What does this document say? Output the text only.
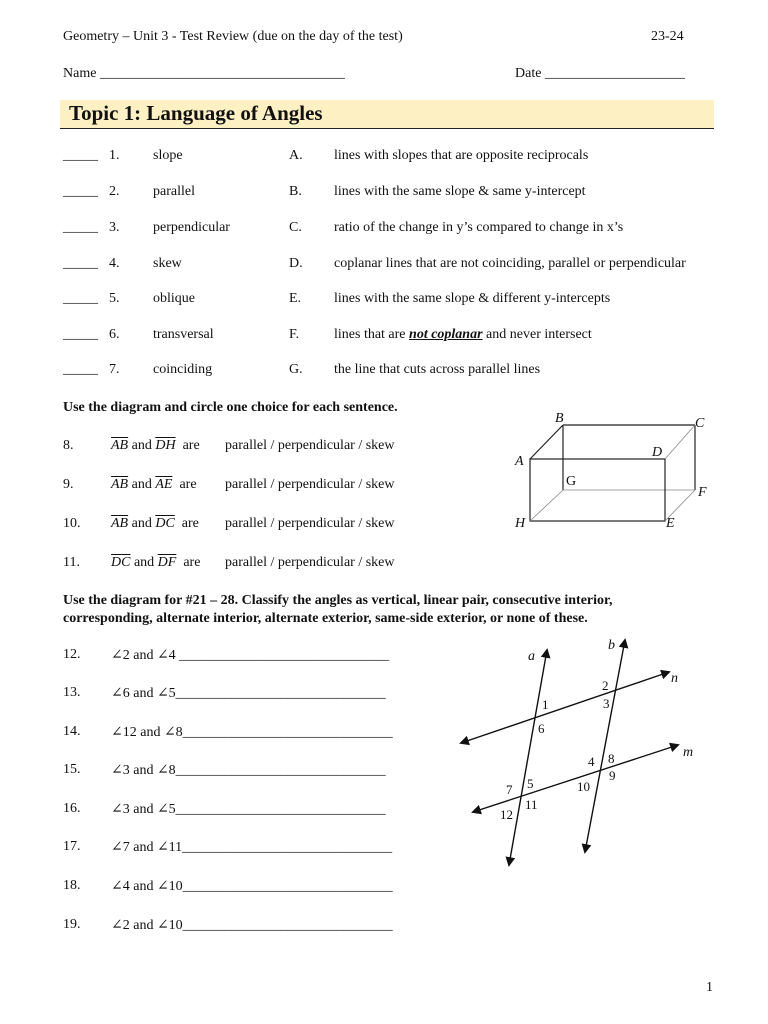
Geometry – Unit 3 - Test Review (due on the day of the test)	23-24
Name ___________________________________	Date ____________________
Topic 1: Language of Angles
_____ 1. slope	A. lines with slopes that are opposite reciprocals
_____ 2. parallel	B. lines with the same slope & same y-intercept
_____ 3. perpendicular	C. ratio of the change in y’s compared to change in x’s
_____ 4. skew	D. coplanar lines that are not coinciding, parallel or perpendicular
_____ 5. oblique	E. lines with the same slope & different y-intercepts
_____ 6. transversal	F. lines that are not coplanar and never intersect
_____ 7. coinciding	G. the line that cuts across parallel lines
Use the diagram and circle one choice for each sentence.
8.	$\overline{AB}$ and $\overline{DH}$ are parallel / perpendicular / skew
9.	$\overline{AB}$ and $\overline{AE}$ are parallel / perpendicular / skew
10. $\overline{AB}$ and $\overline{DC}$ are parallel / perpendicular / skew
11. $\overline{DC}$ and $\overline{DF}$ are parallel / perpendicular / skew
B	C
A
D
G
F
H	E
Use the diagram for #21 – 28. Classify the angles as vertical, linear pair, consecutive interior,
corresponding, alternate interior, alternate exterior, same-side exterior, or none of these.
12. ∠2 and ∠4 ______________________________
13. ∠6 and ∠5______________________________
14. ∠12 and ∠8______________________________
15. ∠3 and ∠8______________________________
16. ∠3 and ∠5______________________________
17. ∠7 and ∠11______________________________
18. ∠4 and ∠10______________________________
19. ∠2 and ∠10______________________________
a
b
n
m
1
2
3
4
5
6
7
8
9
10
11
12
1
